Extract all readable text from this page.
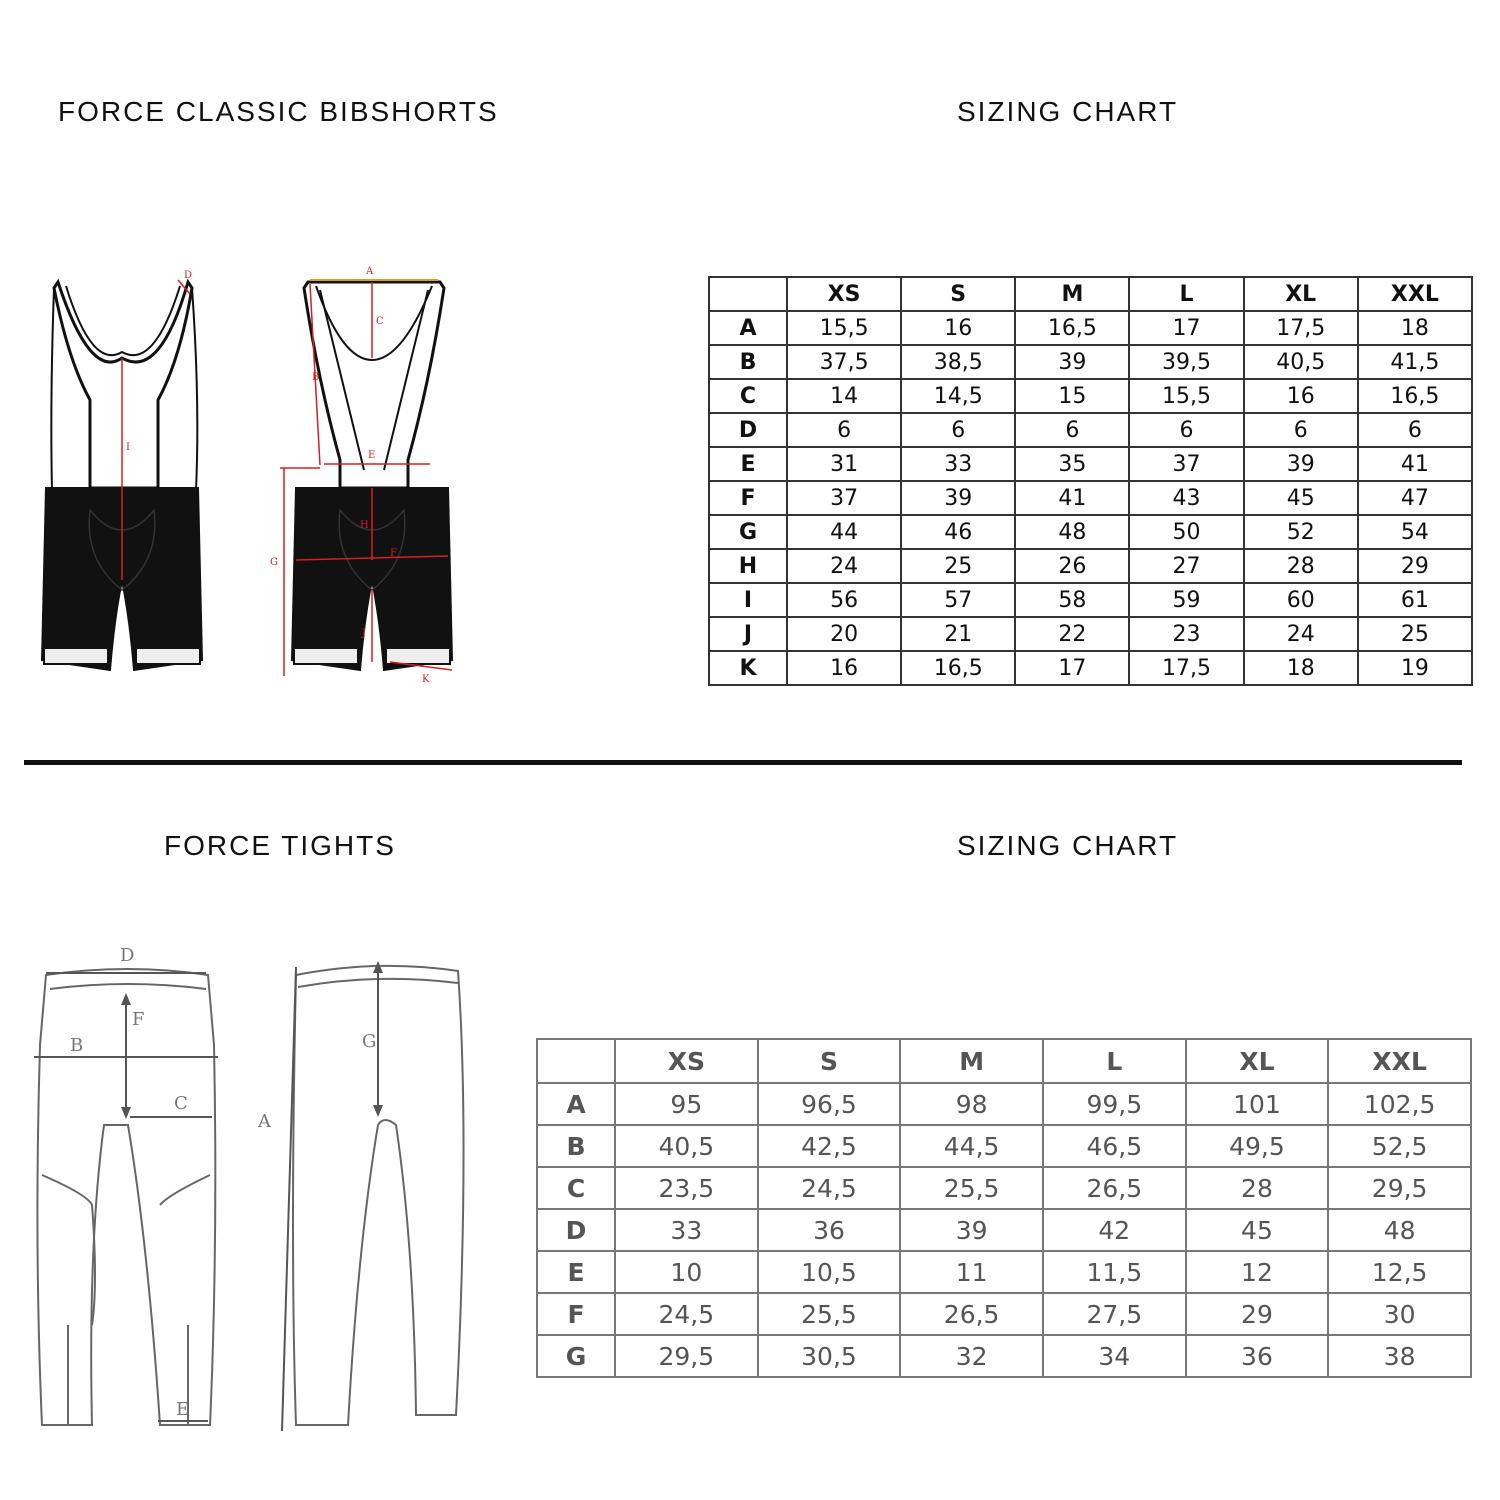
FORCE CLASSIC BIBSHORTS	SIZING CHART
FORCE TIGHTS	SIZING CHART
I
D	A
C
B
E
G
H
F
J
K
	XS	S	M	L	XL	XXL
A	15,5	16	16,5	17	17,5	18
B	37,5	38,5	39	39,5	40,5	41,5
C	14	14,5	15	15,5	16	16,5
D	6	6	6	6	6	6
E	31	33	35	37	39	41
F	37	39	41	43	45	47
G	44	46	48	50	52	54
H	24	25	26	27	28	29
I	56	57	58	59	60	61
J	20	21	22	23	24	25
K	16	16,5	17	17,5	18	19
D
B
F
C
E
A
G
	XS	S	M	L	XL	XXL
A	95	96,5	98	99,5	101	102,5
B	40,5	42,5	44,5	46,5	49,5	52,5
C	23,5	24,5	25,5	26,5	28	29,5
D	33	36	39	42	45	48
E	10	10,5	11	11,5	12	12,5
F	24,5	25,5	26,5	27,5	29	30
G	29,5	30,5	32	34	36	38
